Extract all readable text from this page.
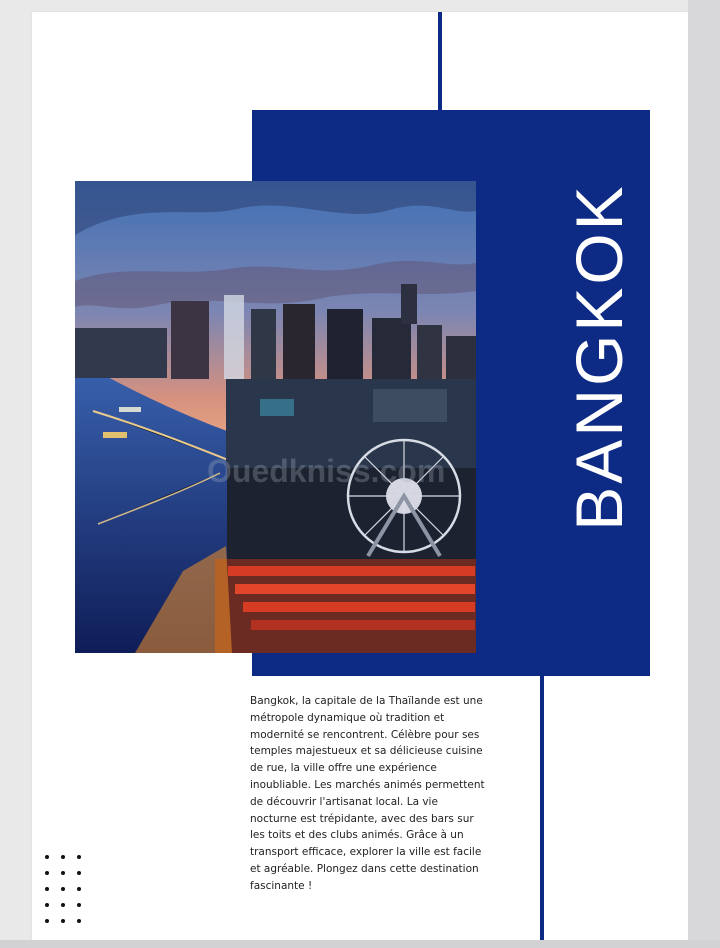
Ouedkniss.com BANGKOK

Bangkok, la capitale de la Thaïlande est une métropole dynamique où tradition et modernité se rencontrent. Célèbre pour ses temples majestueux et sa délicieuse cuisine de rue, la ville offre une expérience inoubliable. Les marchés animés permettent de découvrir l'artisanat local. La vie nocturne est trépidante, avec des bars sur les toits et des clubs animés. Grâce à un transport efficace, explorer la ville est facile et agréable. Plongez dans cette destination fascinante !
